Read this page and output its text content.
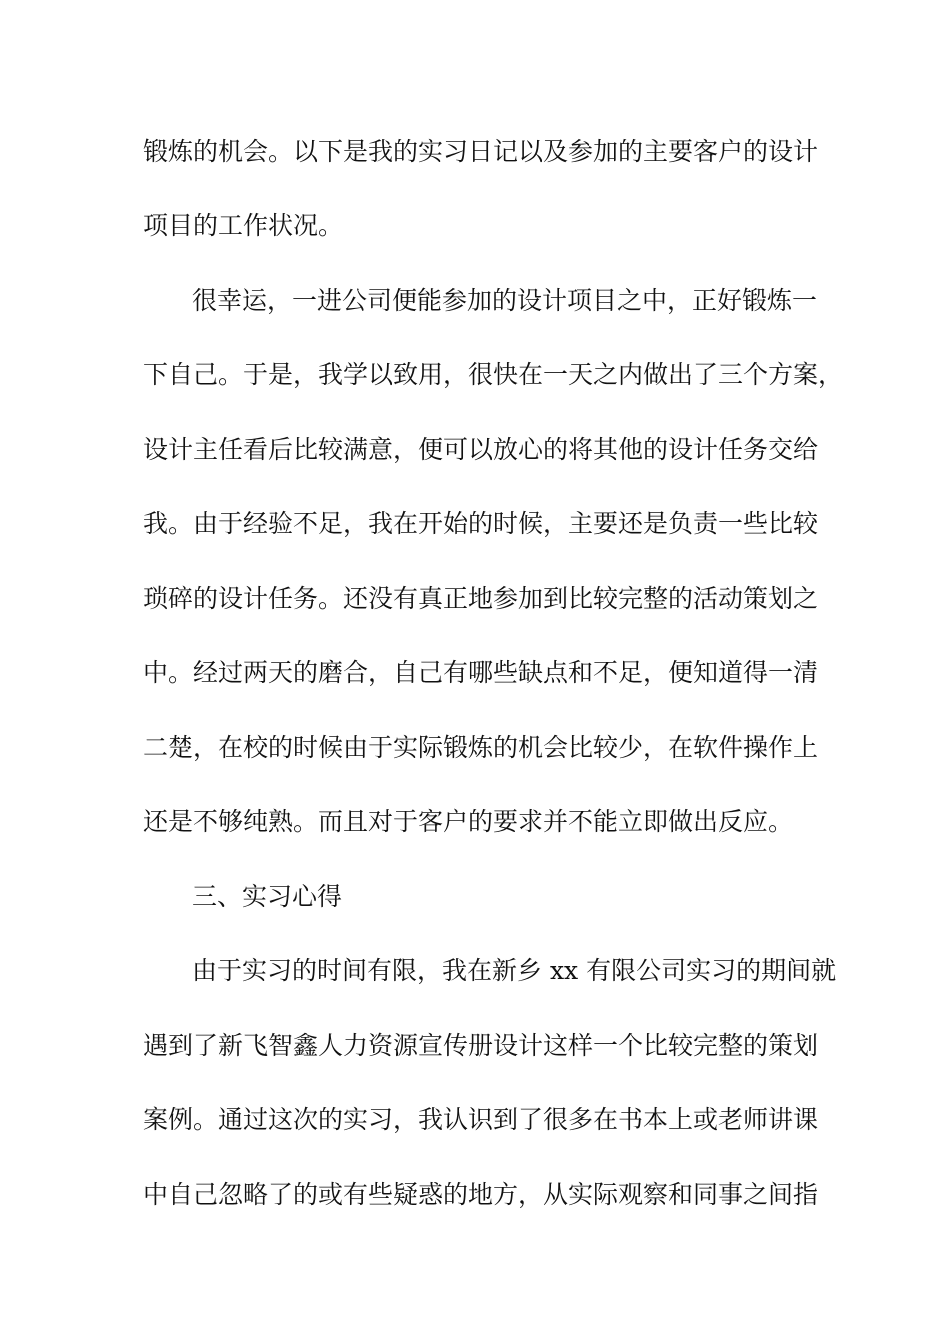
锻炼的机会。以下是我的实习日记以及参加的主要客户的设计
项目的工作状况。
很幸运，一进公司便能参加的设计项目之中，正好锻炼一
下自己。于是，我学以致用，很快在一天之内做出了三个方案，
设计主任看后比较满意，便可以放心的将其他的设计任务交给
我。由于经验不足，我在开始的时候，主要还是负责一些比较
琐碎的设计任务。还没有真正地参加到比较完整的活动策划之
中。经过两天的磨合，自己有哪些缺点和不足，便知道得一清
二楚，在校的时候由于实际锻炼的机会比较少，在软件操作上
还是不够纯熟。而且对于客户的要求并不能立即做出反应。
三、实习心得
由于实习的时间有限，我在新乡 xx 有限公司实习的期间就
遇到了新飞智鑫人力资源宣传册设计这样一个比较完整的策划
案例。通过这次的实习，我认识到了很多在书本上或老师讲课
中自己忽略了的或有些疑惑的地方，从实际观察和同事之间指
